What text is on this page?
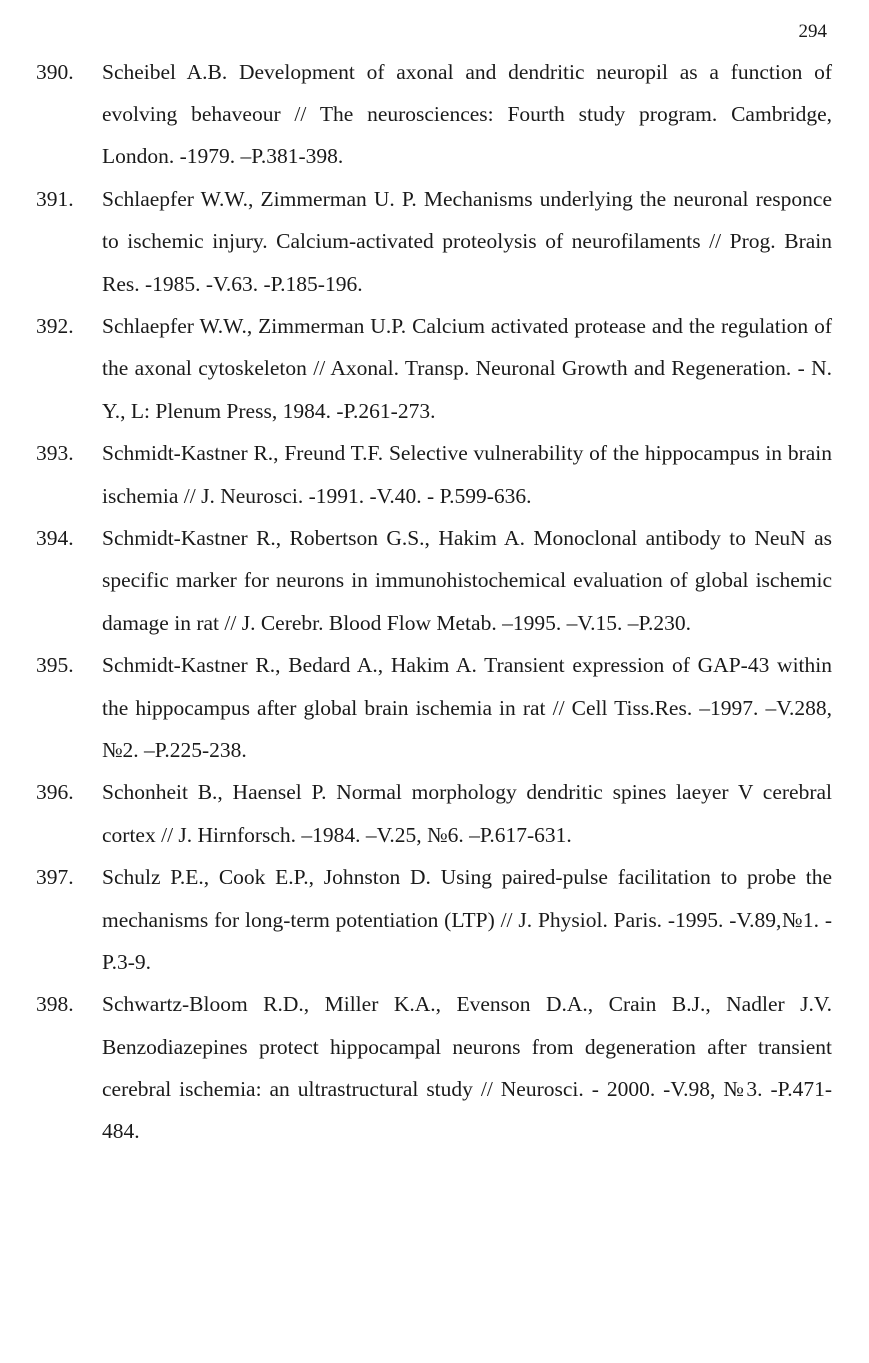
294
390.	Scheibel A.B. Development of axonal and dendritic neuropil as a function of evolving behaveour // The neurosciences: Fourth study program. Cambridge, London. -1979. –P.381-398.
391.	Schlaepfer W.W., Zimmerman U. P. Mechanisms underlying the neuronal responce to ischemic injury. Calcium-activated proteolysis of neurofilaments // Prog. Brain Res. -1985. -V.63. -P.185-196.
392.	Schlaepfer W.W., Zimmerman U.P. Calcium activated protease and the regulation of the axonal cytoskeleton // Axonal. Transp. Neuronal Growth and Regeneration. - N. Y., L: Plenum Press, 1984. -P.261-273.
393.	Schmidt-Kastner R., Freund T.F. Selective vulnerability of the hippocampus in brain ischemia // J. Neurosci. -1991. -V.40. - P.599-636.
394.	Schmidt-Kastner R., Robertson G.S., Hakim A. Monoclonal antibody to NeuN as specific marker for neurons in immunohistochemical evaluation of global ischemic damage in rat // J. Cerebr. Blood Flow Metab. –1995. –V.15. –P.230.
395.	Schmidt-Kastner R., Bedard A., Hakim A. Transient expression of GAP-43 within the hippocampus after global brain ischemia in rat // Cell Tiss.Res. –1997. –V.288, №2. –P.225-238.
396.	Schonheit B., Haensel P. Normal morphology dendritic spines laeyer V cerebral cortex // J. Hirnforsch. –1984. –V.25, №6. –P.617-631.
397.	Schulz P.E., Cook E.P., Johnston D. Using paired-pulse facilitation to probe the mechanisms for long-term potentiation (LTP) // J. Physiol. Paris. -1995. -V.89,№1. -P.3-9.
398.	Schwartz-Bloom R.D., Miller K.A., Evenson D.A., Crain B.J., Nadler J.V. Benzodiazepines protect hippocampal neurons from degeneration after transient cerebral ischemia: an ultrastructural study // Neurosci. - 2000. -V.98, №3. -P.471-484.
